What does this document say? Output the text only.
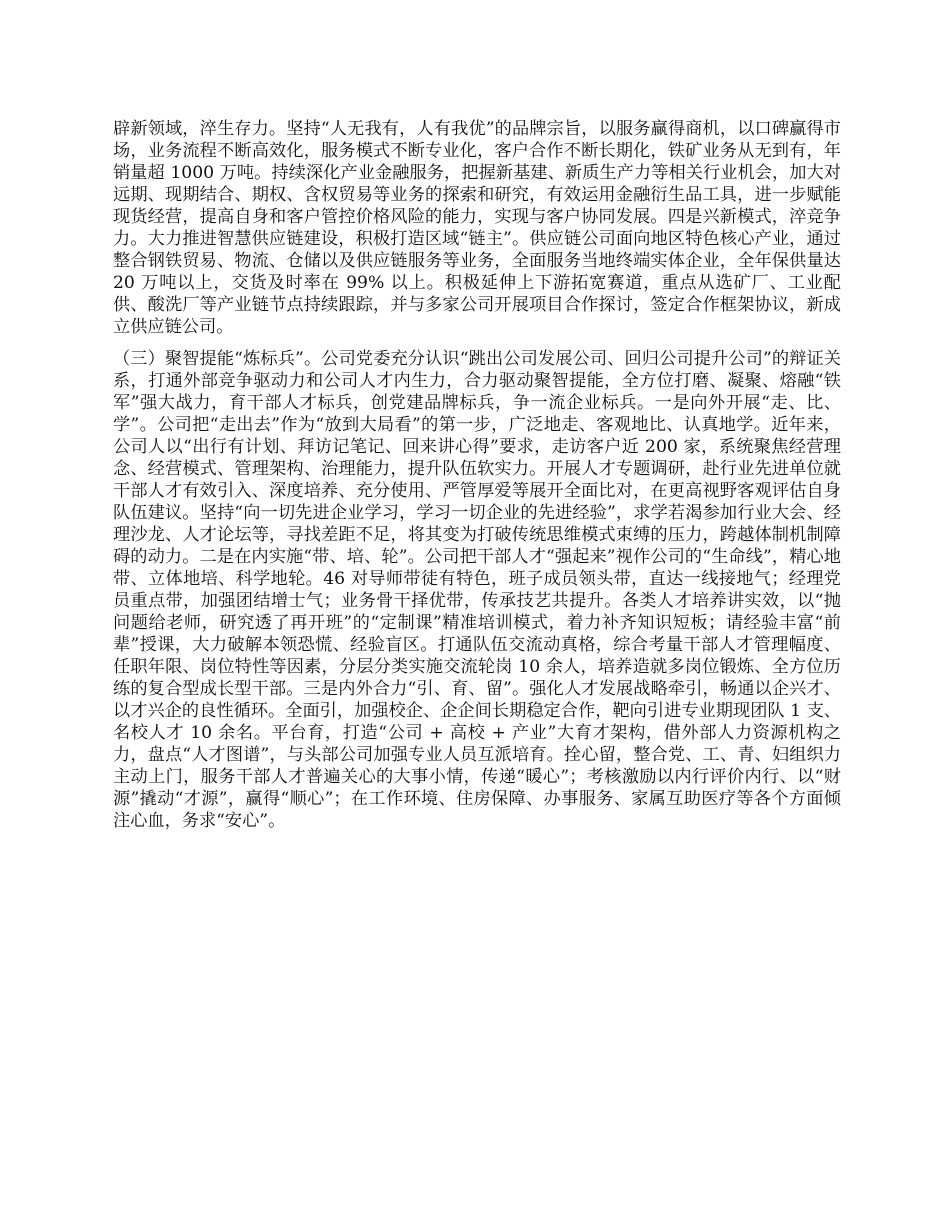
辟新领域，淬生存力。坚持“人无我有，人有我优”的品牌宗旨，以服务赢得商机，以口碑赢得市场，业务流程不断高效化，服务模式不断专业化，客户合作不断长期化，铁矿业务从无到有，年销量超 1000 万吨。持续深化产业金融服务，把握新基建、新质生产力等相关行业机会，加大对远期、现期结合、期权、含权贸易等业务的探索和研究，有效运用金融衍生品工具，进一步赋能现货经营，提高自身和客户管控价格风险的能力，实现与客户协同发展。四是兴新模式，淬竞争力。大力推进智慧供应链建设，积极打造区域“链主”。供应链公司面向地区特色核心产业，通过整合钢铁贸易、物流、仓储以及供应链服务等业务，全面服务当地终端实体企业，全年保供量达 20 万吨以上，交货及时率在 99% 以上。积极延伸上下游拓宽赛道，重点从选矿厂、工业配供、酸洗厂等产业链节点持续跟踪，并与多家公司开展项目合作探讨，签定合作框架协议，新成立供应链公司。

（三）聚智提能“炼标兵”。公司党委充分认识“跳出公司发展公司、回归公司提升公司”的辩证关系，打通外部竞争驱动力和公司人才内生力，合力驱动聚智提能，全方位打磨、凝聚、熔融“铁军”强大战力，育干部人才标兵，创党建品牌标兵，争一流企业标兵。一是向外开展“走、比、学”。公司把“走出去”作为“放到大局看”的第一步，广泛地走、客观地比、认真地学。近年来，公司人以“出行有计划、拜访记笔记、回来讲心得”要求，走访客户近 200 家，系统聚焦经营理念、经营模式、管理架构、治理能力，提升队伍软实力。开展人才专题调研，赴行业先进单位就干部人才有效引入、深度培养、充分使用、严管厚爱等展开全面比对，在更高视野客观评估自身队伍建议。坚持“向一切先进企业学习，学习一切企业的先进经验”，求学若渴参加行业大会、经理沙龙、人才论坛等，寻找差距不足，将其变为打破传统思维模式束缚的压力，跨越体制机制障碍的动力。二是在内实施“带、培、轮”。公司把干部人才“强起来”视作公司的“生命线”，精心地带、立体地培、科学地轮。46 对导师带徒有特色，班子成员领头带，直达一线接地气；经理党员重点带，加强团结增士气；业务骨干择优带，传承技艺共提升。各类人才培养讲实效，以“抛问题给老师，研究透了再开班”的“定制课”精准培训模式，着力补齐知识短板；请经验丰富“前辈”授课，大力破解本领恐慌、经验盲区。打通队伍交流动真格，综合考量干部人才管理幅度、任职年限、岗位特性等因素，分层分类实施交流轮岗 10 余人，培养造就多岗位锻炼、全方位历练的复合型成长型干部。三是内外合力“引、育、留”。强化人才发展战略牵引，畅通以企兴才、以才兴企的良性循环。全面引，加强校企、企企间长期稳定合作，靶向引进专业期现团队 1 支、名校人才 10 余名。平台育，打造“公司 + 高校 + 产业”大育才架构，借外部人力资源机构之力，盘点“人才图谱”，与头部公司加强专业人员互派培育。拴心留，整合党、工、青、妇组织力主动上门，服务干部人才普遍关心的大事小情，传递“暖心”；考核激励以内行评价内行、以“财源”撬动“才源”，赢得“顺心”；在工作环境、住房保障、办事服务、家属互助医疗等各个方面倾注心血，务求“安心”。
